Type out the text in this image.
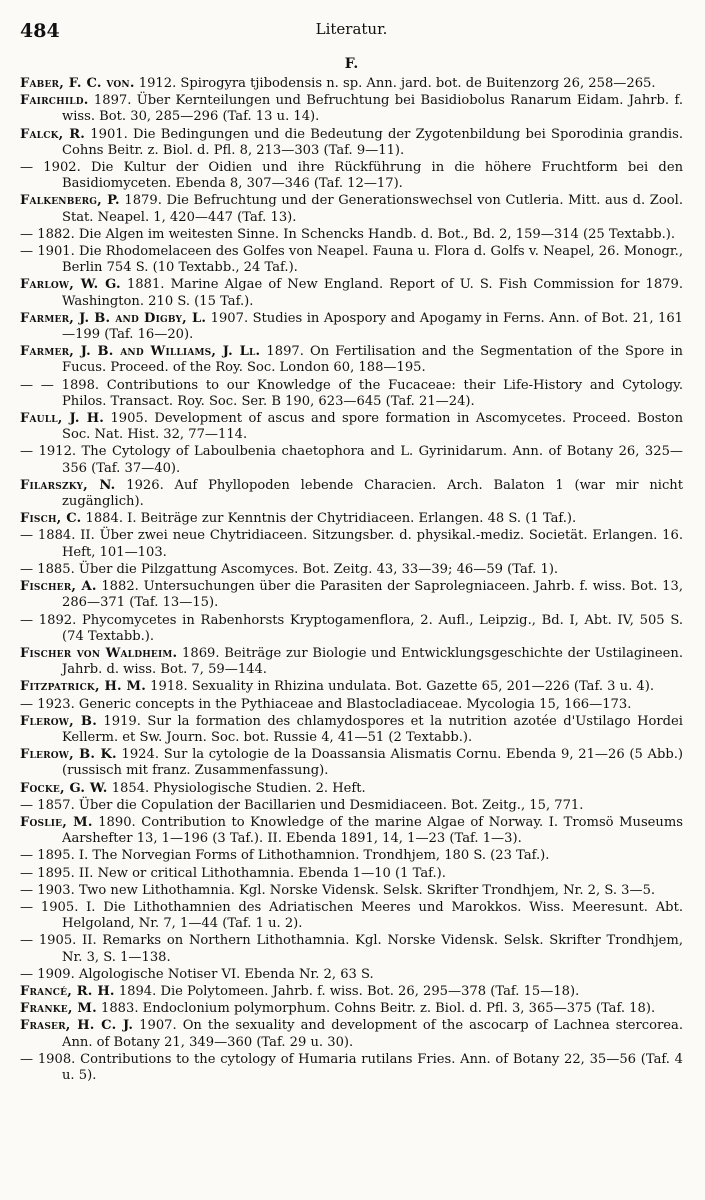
484	Literatur.
F.
Faber, F. C. von. 1912. Spirogyra tjibodensis n. sp. Ann. jard. bot. de Buitenzorg 26, 258—265.
Fairchild. 1897. Über Kernteilungen und Befruchtung bei Basidiobolus Ranarum Eidam. Jahrb. f. wiss. Bot. 30, 285—296 (Taf. 13 u. 14).
Falck, R. 1901. Die Bedingungen und die Bedeutung der Zygotenbildung bei Sporodinia grandis. Cohns Beitr. z. Biol. d. Pfl. 8, 213—303 (Taf. 9—11).
— 1902. Die Kultur der Oidien und ihre Rückführung in die höhere Fruchtform bei den Basidiomyceten. Ebenda 8, 307—346 (Taf. 12—17).
Falkenberg, P. 1879. Die Befruchtung und der Generationswechsel von Cutleria. Mitt. aus d. Zool. Stat. Neapel. 1, 420—447 (Taf. 13).
— 1882. Die Algen im weitesten Sinne. In Schencks Handb. d. Bot., Bd. 2, 159—314 (25 Textabb.).
— 1901. Die Rhodomelaceen des Golfes von Neapel. Fauna u. Flora d. Golfs v. Neapel, 26. Monogr., Berlin 754 S. (10 Textabb., 24 Taf.).
Farlow, W. G. 1881. Marine Algae of New England. Report of U. S. Fish Commission for 1879. Washington. 210 S. (15 Taf.).
Farmer, J. B. and Digby, L. 1907. Studies in Apospory and Apogamy in Ferns. Ann. of Bot. 21, 161—199 (Taf. 16—20).
Farmer, J. B. and Williams, J. Ll. 1897. On Fertilisation and the Segmentation of the Spore in Fucus. Proceed. of the Roy. Soc. London 60, 188—195.
— — 1898. Contributions to our Knowledge of the Fucaceae: their Life-History and Cytology. Philos. Transact. Roy. Soc. Ser. B 190, 623—645 (Taf. 21—24).
Faull, J. H. 1905. Development of ascus and spore formation in Ascomycetes. Proceed. Boston Soc. Nat. Hist. 32, 77—114.
— 1912. The Cytology of Laboulbenia chaetophora and L. Gyrinidarum. Ann. of Botany 26, 325—356 (Taf. 37—40).
Filarszky, N. 1926. Auf Phyllopoden lebende Characien. Arch. Balaton 1 (war mir nicht zugänglich).
Fisch, C. 1884. I. Beiträge zur Kenntnis der Chytridiaceen. Erlangen. 48 S. (1 Taf.).
— 1884. II. Über zwei neue Chytridiaceen. Sitzungsber. d. physikal.-mediz. Societät. Erlangen. 16. Heft, 101—103.
— 1885. Über die Pilzgattung Ascomyces. Bot. Zeitg. 43, 33—39; 46—59 (Taf. 1).
Fischer, A. 1882. Untersuchungen über die Parasiten der Saprolegniaceen. Jahrb. f. wiss. Bot. 13, 286—371 (Taf. 13—15).
— 1892. Phycomycetes in Rabenhorsts Kryptogamenflora, 2. Aufl., Leipzig., Bd. I, Abt. IV, 505 S. (74 Textabb.).
Fischer von Waldheim. 1869. Beiträge zur Biologie und Entwicklungsgeschichte der Ustilagineen. Jahrb. d. wiss. Bot. 7, 59—144.
Fitzpatrick, H. M. 1918. Sexuality in Rhizina undulata. Bot. Gazette 65, 201—226 (Taf. 3 u. 4).
— 1923. Generic concepts in the Pythiaceae and Blastocladiaceae. Mycologia 15, 166—173.
Flerow, B. 1919. Sur la formation des chlamydospores et la nutrition azotée d'Ustilago Hordei Kellerm. et Sw. Journ. Soc. bot. Russie 4, 41—51 (2 Textabb.).
Flerow, B. K. 1924. Sur la cytologie de la Doassansia Alismatis Cornu. Ebenda 9, 21—26 (5 Abb.) (russisch mit franz. Zusammenfassung).
Focke, G. W. 1854. Physiologische Studien. 2. Heft.
— 1857. Über die Copulation der Bacillarien und Desmidiaceen. Bot. Zeitg., 15, 771.
Foslie, M. 1890. Contribution to Knowledge of the marine Algae of Norway. I. Tromsö Museums Aarshefter 13, 1—196 (3 Taf.). II. Ebenda 1891, 14, 1—23 (Taf. 1—3).
— 1895. I. The Norvegian Forms of Lithothamnion. Trondhjem, 180 S. (23 Taf.).
— 1895. II. New or critical Lithothamnia. Ebenda 1—10 (1 Taf.).
— 1903. Two new Lithothamnia. Kgl. Norske Vidensk. Selsk. Skrifter Trondhjem, Nr. 2, S. 3—5.
— 1905. I. Die Lithothamnien des Adriatischen Meeres und Marokkos. Wiss. Meeresunt. Abt. Helgoland, Nr. 7, 1—44 (Taf. 1 u. 2).
— 1905. II. Remarks on Northern Lithothamnia. Kgl. Norske Vidensk. Selsk. Skrifter Trondhjem, Nr. 3, S. 1—138.
— 1909. Algologische Notiser VI. Ebenda Nr. 2, 63 S.
Francé, R. H. 1894. Die Polytomeen. Jahrb. f. wiss. Bot. 26, 295—378 (Taf. 15—18).
Franke, M. 1883. Endoclonium polymorphum. Cohns Beitr. z. Biol. d. Pfl. 3, 365—375 (Taf. 18).
Fraser, H. C. J. 1907. On the sexuality and development of the ascocarp of Lachnea stercorea. Ann. of Botany 21, 349—360 (Taf. 29 u. 30).
— 1908. Contributions to the cytology of Humaria rutilans Fries. Ann. of Botany 22, 35—56 (Taf. 4 u. 5).
